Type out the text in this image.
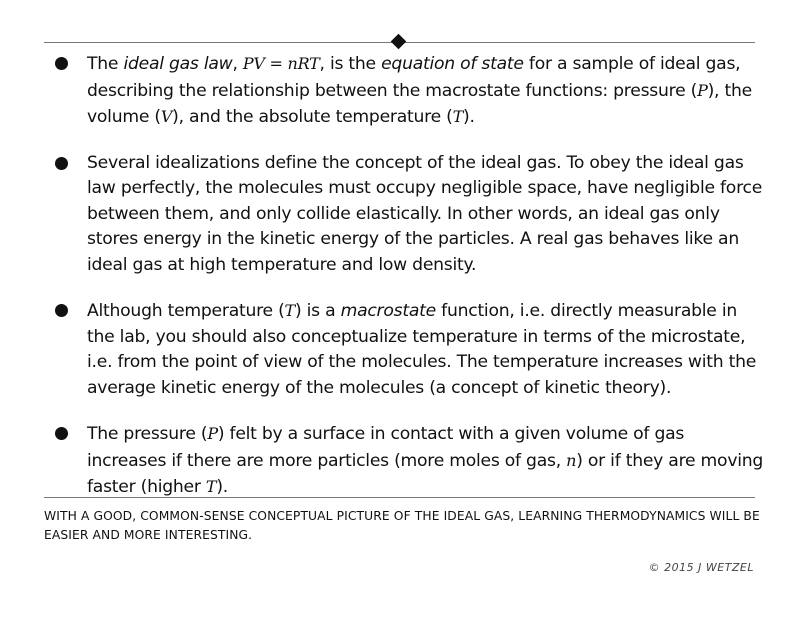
The ideal gas law, PV = nRT, is the equation of state for a sample of ideal gas, describing the relationship between the macrostate functions: pressure (P), the volume (V), and the absolute temperature (T).
Several idealizations define the concept of the ideal gas. To obey the ideal gas law perfectly, the molecules must occupy negligible space, have negligible force between them, and only collide elastically. In other words, an ideal gas only stores energy in the kinetic energy of the particles. A real gas behaves like an ideal gas at high temperature and low density.
Although temperature (T) is a macrostate function, i.e. directly measurable in the lab, you should also conceptualize temperature in terms of the microstate, i.e. from the point of view of the molecules. The temperature increases with the average kinetic energy of the molecules (a concept of kinetic theory).
The pressure (P) felt by a surface in contact with a given volume of gas increases if there are more particles (more moles of gas, n) or if they are moving faster (higher T).
WITH A GOOD, COMMON-SENSE CONCEPTUAL PICTURE OF THE IDEAL GAS, LEARNING THERMODYNAMICS WILL BE EASIER AND MORE INTERESTING.
© 2015 J WETZEL
